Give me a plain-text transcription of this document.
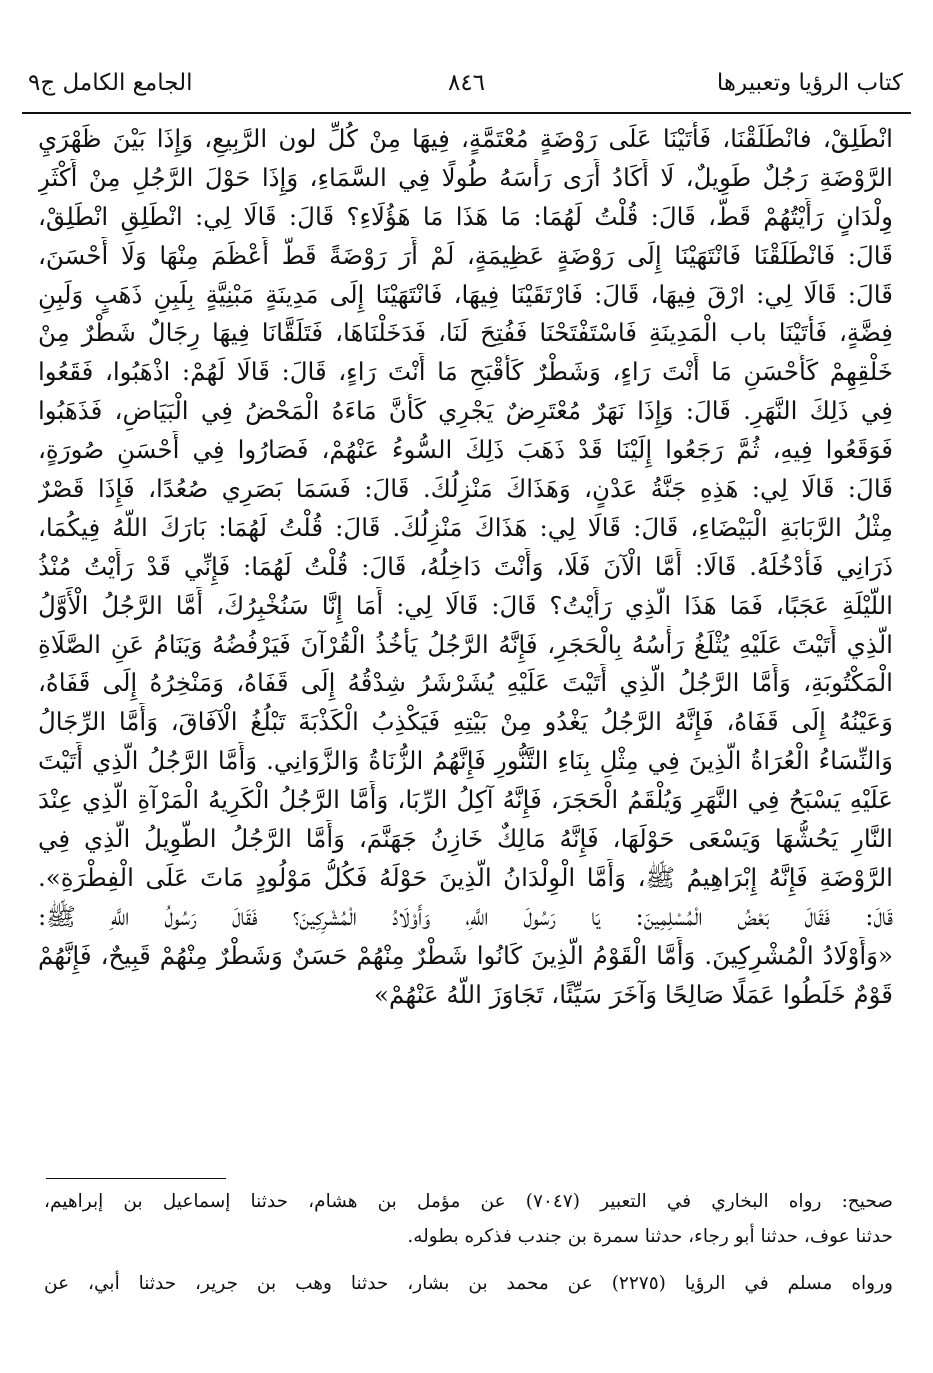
كتاب الرؤيا وتعبيرها
٨٤٦
الجامع الكامل ج٩
انْطَلِقْ، فانْطَلَقْنَا، فَأَتَيْنَا عَلَى رَوْضَةٍ مُعْتَمَّةٍ، فِيهَا مِنْ كُلِّ لون الرَّبِيعِ، وَإِذَا بَيْنَ ظَهْرَيِ
الرَّوْضَةِ رَجُلٌ طَوِيلٌ، لَا أَكَادُ أَرَى رَأْسَهُ طُولًا فِي السَّمَاءِ، وَإِذَا حَوْلَ الرَّجُلِ مِنْ أَكْثَرِ
وِلْدَانٍ رَأَيْتُهُمْ قَطُّ، قَالَ: قُلْتُ لَهُمَا: مَا هَذَا مَا هَؤُلَاءِ؟ قَالَ: قَالَا لِي: انْطَلِقِ انْطَلِقْ،
قَالَ: فَانْطَلَقْنَا فَانْتَهَيْنَا إِلَى رَوْضَةٍ عَظِيمَةٍ، لَمْ أَرَ رَوْضَةً قَطُّ أَعْظَمَ مِنْهَا وَلَا أَحْسَنَ،
قَالَ: قَالَا لِي: ارْقَ فِيهَا، قَالَ: فَارْتَقَيْنَا فِيهَا، فَانْتَهَيْنَا إِلَى مَدِينَةٍ مَبْنِيَّةٍ بِلَبِنِ ذَهَبٍ وَلَبِنِ
فِضَّةٍ، فَأَتَيْنَا باب الْمَدِينَةِ فَاسْتَفْتَحْنَا فَفُتِحَ لَنَا، فَدَخَلْنَاهَا، فَتَلَقَّانَا فِيهَا رِجَالٌ شَطْرٌ مِنْ
خَلْقِهِمْ كَأَحْسَنِ مَا أَنْتَ رَاءٍ، وَشَطْرٌ كَأَقْبَحِ مَا أَنْتَ رَاءٍ، قَالَ: قَالَا لَهُمْ: اذْهَبُوا، فَقَعُوا
فِي ذَلِكَ النَّهَرِ. قَالَ: وَإِذَا نَهَرٌ مُعْتَرِضٌ يَجْرِي كَأَنَّ مَاءَهُ الْمَحْضُ فِي الْبَيَاضِ، فَذَهَبُوا
فَوَقَعُوا فِيهِ، ثُمَّ رَجَعُوا إِلَيْنَا قَدْ ذَهَبَ ذَلِكَ السُّوءُ عَنْهُمْ، فَصَارُوا فِي أَحْسَنِ صُورَةٍ،
قَالَ: قَالَا لِي: هَذِهِ جَنَّةُ عَدْنٍ، وَهَذَاكَ مَنْزِلُكَ. قَالَ: فَسَمَا بَصَرِي صُعُدًا، فَإِذَا قَصْرٌ
مِثْلُ الرَّبَابَةِ الْبَيْضَاءِ، قَالَ: قَالَا لِي: هَذَاكَ مَنْزِلُكَ. قَالَ: قُلْتُ لَهُمَا: بَارَكَ اللَّهُ فِيكُمَا،
ذَرَانِي فَأَدْخُلَهُ. قَالَا: أَمَّا الْآنَ فَلَا، وَأَنْتَ دَاخِلُهُ، قَالَ: قُلْتُ لَهُمَا: فَإِنِّي قَدْ رَأَيْتُ مُنْذُ
اللَّيْلَةِ عَجَبًا، فَمَا هَذَا الَّذِي رَأَيْتُ؟ قَالَ: قَالَا لِي: أَمَا إِنَّا سَنُخْبِرُكَ، أَمَّا الرَّجُلُ الْأَوَّلُ
الَّذِي أَتَيْتَ عَلَيْهِ يُثْلَغُ رَأْسُهُ بِالْحَجَرِ، فَإِنَّهُ الرَّجُلُ يَأْخُذُ الْقُرْآنَ فَيَرْفُضُهُ وَيَنَامُ عَنِ الصَّلَاةِ
الْمَكْتُوبَةِ، وَأَمَّا الرَّجُلُ الَّذِي أَتَيْتَ عَلَيْهِ يُشَرْشَرُ شِدْقُهُ إِلَى قَفَاهُ، وَمَنْخِرُهُ إِلَى قَفَاهُ،
وَعَيْنُهُ إِلَى قَفَاهُ، فَإِنَّهُ الرَّجُلُ يَغْدُو مِنْ بَيْتِهِ فَيَكْذِبُ الْكَذْبَةَ تَبْلُغُ الْآفَاقَ، وَأَمَّا الرِّجَالُ
وَالنِّسَاءُ الْعُرَاةُ الَّذِينَ فِي مِثْلِ بِنَاءِ التَّنُّورِ فَإِنَّهُمُ الزُّنَاةُ وَالزَّوَانِي. وَأَمَّا الرَّجُلُ الَّذِي أَتَيْتَ
عَلَيْهِ يَسْبَحُ فِي النَّهَرِ وَيُلْقَمُ الْحَجَرَ، فَإِنَّهُ آكِلُ الرِّبَا، وَأَمَّا الرَّجُلُ الْكَرِيهُ الْمَرْآةِ الَّذِي عِنْدَ
النَّارِ يَحُشُّهَا وَيَسْعَى حَوْلَهَا، فَإِنَّهُ مَالِكٌ خَازِنُ جَهَنَّمَ، وَأَمَّا الرَّجُلُ الطَّوِيلُ الَّذِي فِي
الرَّوْضَةِ فَإِنَّهُ إِبْرَاهِيمُ ﷺ، وَأَمَّا الْوِلْدَانُ الَّذِينَ حَوْلَهُ فَكُلُّ مَوْلُودٍ مَاتَ عَلَى الْفِطْرَةِ».
قَالَ: فَقَالَ بَعْضُ الْمُسْلِمِينَ: يَا رَسُولَ اللَّهِ، وَأَوْلَادُ الْمُشْرِكِينَ؟ فَقَالَ رَسُولُ اللَّهِ ﷺ:
«وَأَوْلَادُ الْمُشْرِكِينَ. وَأَمَّا الْقَوْمُ الَّذِينَ كَانُوا شَطْرٌ مِنْهُمْ حَسَنٌ وَشَطْرٌ مِنْهُمْ قَبِيحٌ، فَإِنَّهُمْ
قَوْمٌ خَلَطُوا عَمَلًا صَالِحًا وَآخَرَ سَيِّئًا، تَجَاوَزَ اللَّهُ عَنْهُمْ»
صحيح: رواه البخاري في التعبير (٧٠٤٧) عن مؤمل بن هشام، حدثنا إسماعيل بن إبراهيم،
حدثنا عوف، حدثنا أبو رجاء، حدثنا سمرة بن جندب فذكره بطوله.
ورواه مسلم في الرؤيا (٢٢٧٥) عن محمد بن بشار، حدثنا وهب بن جرير، حدثنا أبي، عن
